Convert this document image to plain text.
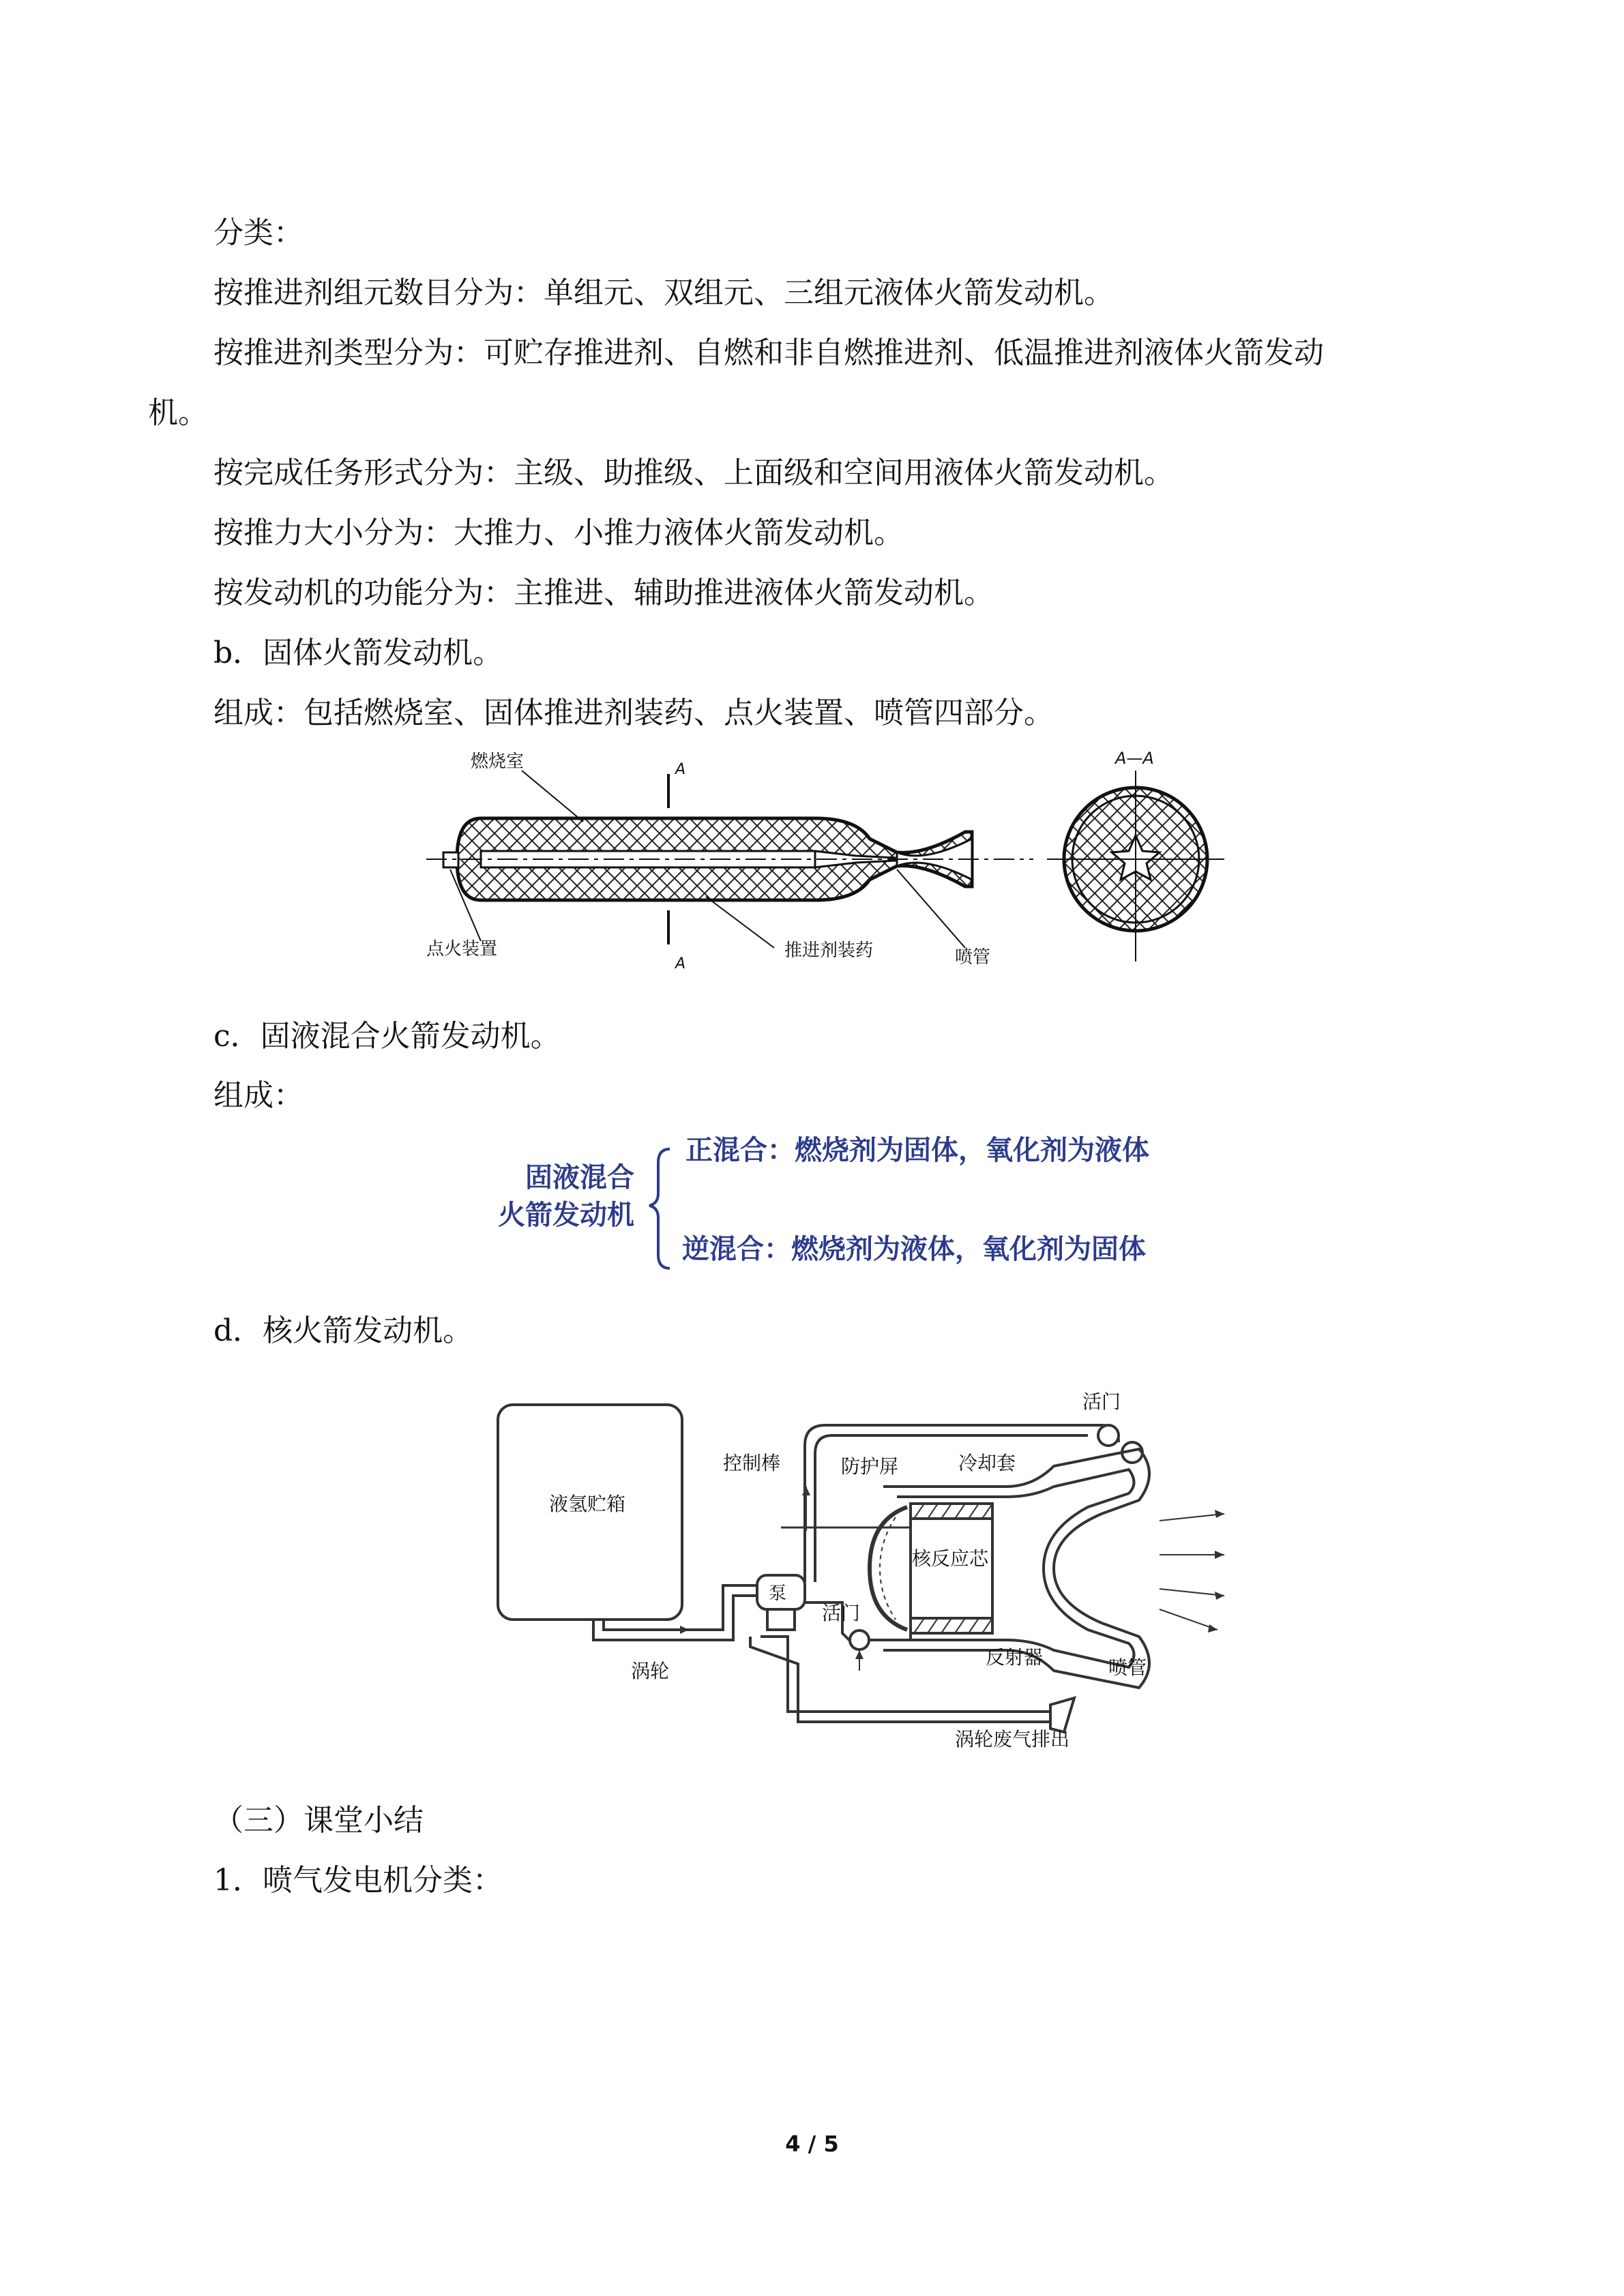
分类：
按推进剂组元数目分为：单组元、双组元、三组元液体火箭发动机。
按推进剂类型分为：可贮存推进剂、自燃和非自燃推进剂、低温推进剂液体火箭发动
机。
按完成任务形式分为：主级、助推级、上面级和空间用液体火箭发动机。
按推力大小分为：大推力、小推力液体火箭发动机。
按发动机的功能分为：主推进、辅助推进液体火箭发动机。
b．固体火箭发动机。
组成：包括燃烧室、固体推进剂装药、点火装置、喷管四部分。
A
A
燃烧室
点火装置	推进剂装药	喷管
A—A
c．固液混合火箭发动机。
组成：
固液混合
火箭发动机
正混合：燃烧剂为固体，氧化剂为液体
逆混合：燃烧剂为液体，氧化剂为固体
d．核火箭发动机。
液氢贮箱
控制棒	防护屏	冷却套
核反应芯
活门
活门
泵
涡轮
反射器	喷管
涡轮废气排出
（三）课堂小结
1．喷气发电机分类：
4 / 5
